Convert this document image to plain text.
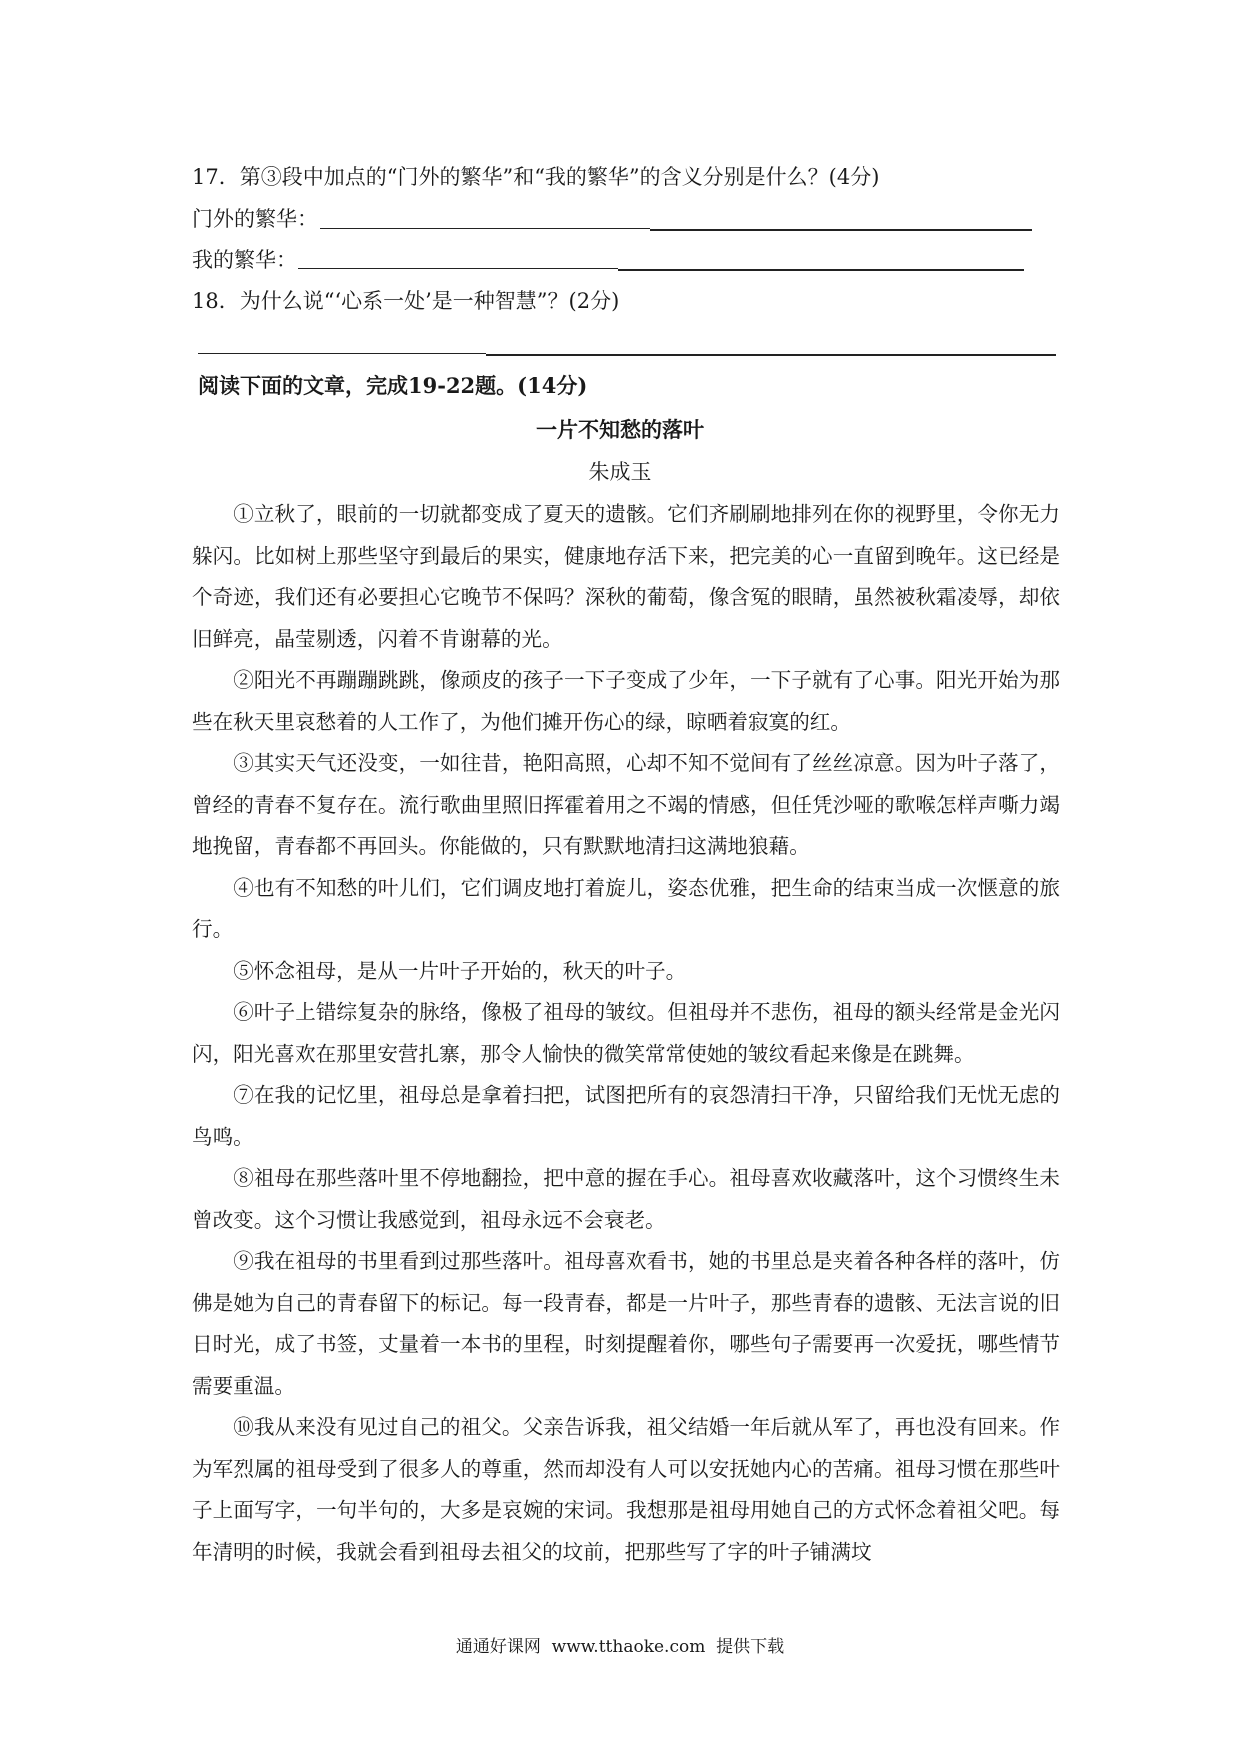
17．第③段中加点的“门外的繁华”和“我的繁华”的含义分别是什么？(4分)
门外的繁华：
我的繁华：
18．为什么说“‘心系一处’是一种智慧”？(2分)
阅读下面的文章，完成19-22题。(14分)
一片不知愁的落叶
朱成玉

①立秋了，眼前的一切就都变成了夏天的遗骸。它们齐刷刷地排列在你的视野里，令你无力躲闪。比如树上那些坚守到最后的果实，健康地存活下来，把完美的心一直留到晚年。这已经是个奇迹，我们还有必要担心它晚节不保吗？深秋的葡萄，像含冤的眼睛，虽然被秋霜凌辱，却依旧鲜亮，晶莹剔透，闪着不肯谢幕的光。

②阳光不再蹦蹦跳跳，像顽皮的孩子一下子变成了少年，一下子就有了心事。阳光开始为那些在秋天里哀愁着的人工作了，为他们摊开伤心的绿，晾晒着寂寞的红。

③其实天气还没变，一如往昔，艳阳高照，心却不知不觉间有了丝丝凉意。因为叶子落了，曾经的青春不复存在。流行歌曲里照旧挥霍着用之不竭的情感，但任凭沙哑的歌喉怎样声嘶力竭地挽留，青春都不再回头。你能做的，只有默默地清扫这满地狼藉。

④也有不知愁的叶儿们，它们调皮地打着旋儿，姿态优雅，把生命的结束当成一次惬意的旅行。

⑤怀念祖母，是从一片叶子开始的，秋天的叶子。

⑥叶子上错综复杂的脉络，像极了祖母的皱纹。但祖母并不悲伤，祖母的额头经常是金光闪闪，阳光喜欢在那里安营扎寨，那令人愉快的微笑常常使她的皱纹看起来像是在跳舞。

⑦在我的记忆里，祖母总是拿着扫把，试图把所有的哀怨清扫干净，只留给我们无忧无虑的鸟鸣。

⑧祖母在那些落叶里不停地翻捡，把中意的握在手心。祖母喜欢收藏落叶，这个习惯终生未曾改变。这个习惯让我感觉到，祖母永远不会衰老。

⑨我在祖母的书里看到过那些落叶。祖母喜欢看书，她的书里总是夹着各种各样的落叶，仿佛是她为自己的青春留下的标记。每一段青春，都是一片叶子，那些青春的遗骸、无法言说的旧日时光，成了书签，丈量着一本书的里程，时刻提醒着你，哪些句子需要再一次爱抚，哪些情节需要重温。

⑩我从来没有见过自己的祖父。父亲告诉我，祖父结婚一年后就从军了，再也没有回来。作为军烈属的祖母受到了很多人的尊重，然而却没有人可以安抚她内心的苦痛。祖母习惯在那些叶子上面写字，一句半句的，大多是哀婉的宋词。我想那是祖母用她自己的方式怀念着祖父吧。每年清明的时候，我就会看到祖母去祖父的坟前，把那些写了字的叶子铺满坟

通通好课网  www.tthaoke.com  提供下载
